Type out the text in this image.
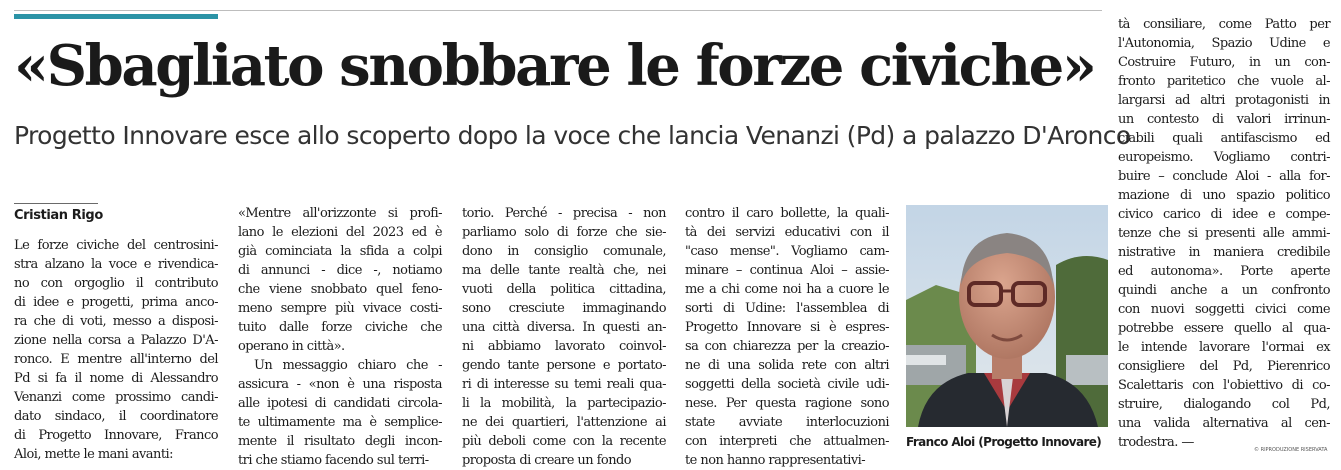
«Sbagliato snobbare le forze civiche»
Progetto Innovare esce allo scoperto dopo la voce che lancia Venanzi (Pd) a palazzo D'Aronco

Cristian Rigo

Le forze civiche del centrosini-
stra alzano la voce e rivendica-
no con orgoglio il contributo
di idee e progetti, prima anco-
ra che di voti, messo a disposi-
zione nella corsa a Palazzo D'A-
ronco. E mentre all'interno del
Pd si fa il nome di Alessandro
Venanzi come prossimo candi-
dato sindaco, il coordinatore
di Progetto Innovare, Franco
Aloi, mette le mani avanti:
«Mentre all'orizzonte si profi-
lano le elezioni del 2023 ed è
già cominciata la sfida a colpi
di annunci - dice -, notiamo
che viene snobbato quel feno-
meno sempre più vivace costi-
tuito dalle forze civiche che
operano in città».
Un messaggio chiaro che -
assicura - «non è una risposta
alle ipotesi di candidati circola-
te ultimamente ma è semplice-
mente il risultato degli incon-
tri che stiamo facendo sul terri-
torio. Perché - precisa - non
parliamo solo di forze che sie-
dono in consiglio comunale,
ma delle tante realtà che, nei
vuoti della politica cittadina,
sono cresciute immaginando
una città diversa. In questi an-
ni abbiamo lavorato coinvol-
gendo tante persone e portato-
ri di interesse su temi reali qua-
li la mobilità, la partecipazio-
ne dei quartieri, l'attenzione ai
più deboli come con la recente
proposta di creare un fondo
contro il caro bollette, la quali-
tà dei servizi educativi con il
"caso mense". Vogliamo cam-
minare – continua Aloi – assie-
me a chi come noi ha a cuore le
sorti di Udine: l'assemblea di
Progetto Innovare si è espres-
sa con chiarezza per la creazio-
ne di una solida rete con altri
soggetti della società civile udi-
nese. Per questa ragione sono
state avviate interlocuzioni
con interpreti che attualmen-
te non hanno rappresentativi-
tà consiliare, come Patto per
l'Autonomia, Spazio Udine e
Costruire Futuro, in un con-
fronto paritetico che vuole al-
largarsi ad altri protagonisti in
un contesto di valori irrinun-
ciabili quali antifascismo ed
europeismo. Vogliamo contri-
buire – conclude Aloi - alla for-
mazione di uno spazio politico
civico carico di idee e compe-
tenze che si presenti alle ammi-
nistrative in maniera credibile
ed autonoma». Porte aperte
quindi anche a un confronto
con nuovi soggetti civici come
potrebbe essere quello al qua-
le intende lavorare l'ormai ex
consigliere del Pd, Pierenrico
Scalettaris con l'obiettivo di co-
struire, dialogando col Pd,
una valida alternativa al cen-
trodestra. —

Franco Aloi (Progetto Innovare)

© RIPRODUZIONE RISERVATA
